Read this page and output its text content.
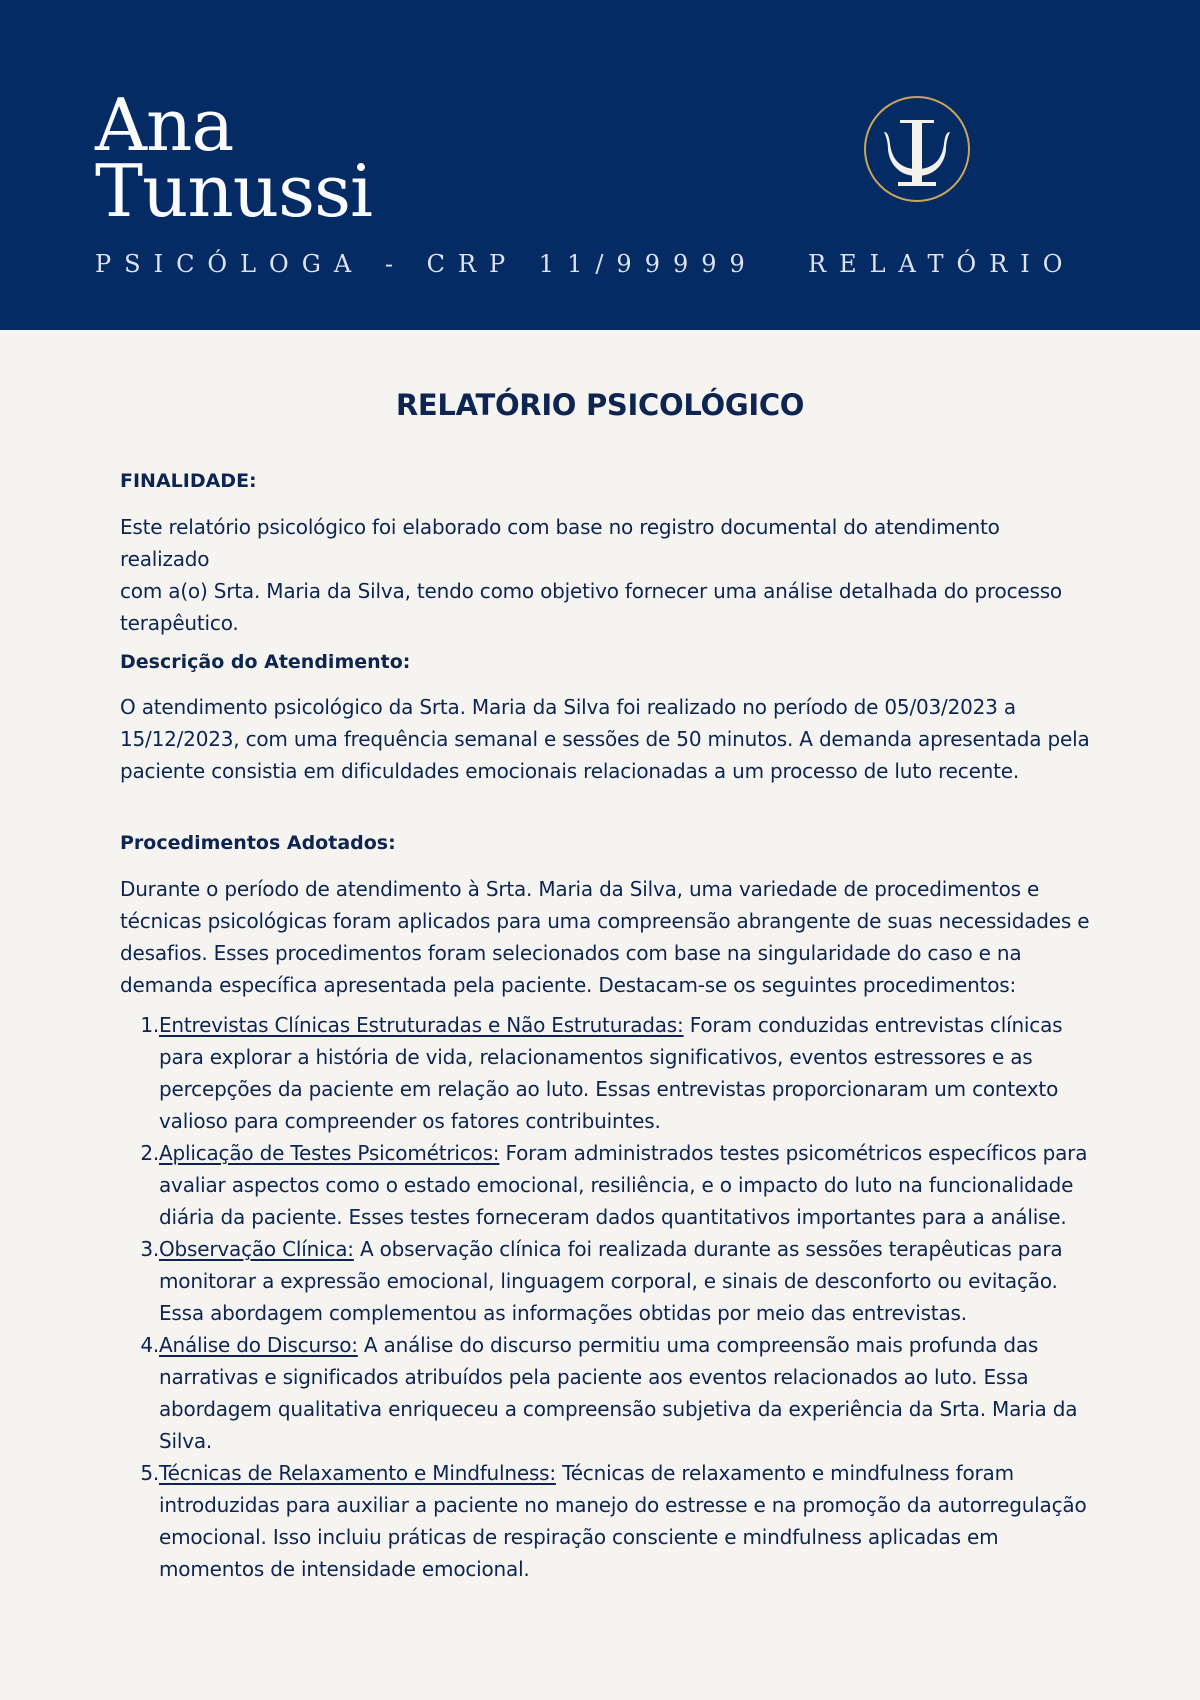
Ana
Tunussi
PSICÓLOGA - CRP 11/99999 RELATÓRIO
RELATÓRIO PSICOLÓGICO

FINALIDADE:

Este relatório psicológico foi elaborado com base no registro documental do atendimento realizado

com a(o) Srta. Maria da Silva, tendo como objetivo fornecer uma análise detalhada do processo

terapêutico.

Descrição do Atendimento:

O atendimento psicológico da Srta. Maria da Silva foi realizado no período de 05/03/2023 a

15/12/2023, com uma frequência semanal e sessões de 50 minutos. A demanda apresentada pela

paciente consistia em dificuldades emocionais relacionadas a um processo de luto recente.

Procedimentos Adotados:

Durante o período de atendimento à Srta. Maria da Silva, uma variedade de procedimentos e

técnicas psicológicas foram aplicados para uma compreensão abrangente de suas necessidades e

desafios. Esses procedimentos foram selecionados com base na singularidade do caso e na

demanda específica apresentada pela paciente. Destacam-se os seguintes procedimentos:

1. Entrevistas Clínicas Estruturadas e Não Estruturadas: Foram conduzidas entrevistas clínicas
para explorar a história de vida, relacionamentos significativos, eventos estressores e as
percepções da paciente em relação ao luto. Essas entrevistas proporcionaram um contexto
valioso para compreender os fatores contribuintes.
2. Aplicação de Testes Psicométricos: Foram administrados testes psicométricos específicos para
avaliar aspectos como o estado emocional, resiliência, e o impacto do luto na funcionalidade
diária da paciente. Esses testes forneceram dados quantitativos importantes para a análise.
3. Observação Clínica: A observação clínica foi realizada durante as sessões terapêuticas para
monitorar a expressão emocional, linguagem corporal, e sinais de desconforto ou evitação.
Essa abordagem complementou as informações obtidas por meio das entrevistas.
4. Análise do Discurso: A análise do discurso permitiu uma compreensão mais profunda das
narrativas e significados atribuídos pela paciente aos eventos relacionados ao luto. Essa
abordagem qualitativa enriqueceu a compreensão subjetiva da experiência da Srta. Maria da
Silva.
5. Técnicas de Relaxamento e Mindfulness: Técnicas de relaxamento e mindfulness foram
introduzidas para auxiliar a paciente no manejo do estresse e na promoção da autorregulação
emocional. Isso incluiu práticas de respiração consciente e mindfulness aplicadas em
momentos de intensidade emocional.
